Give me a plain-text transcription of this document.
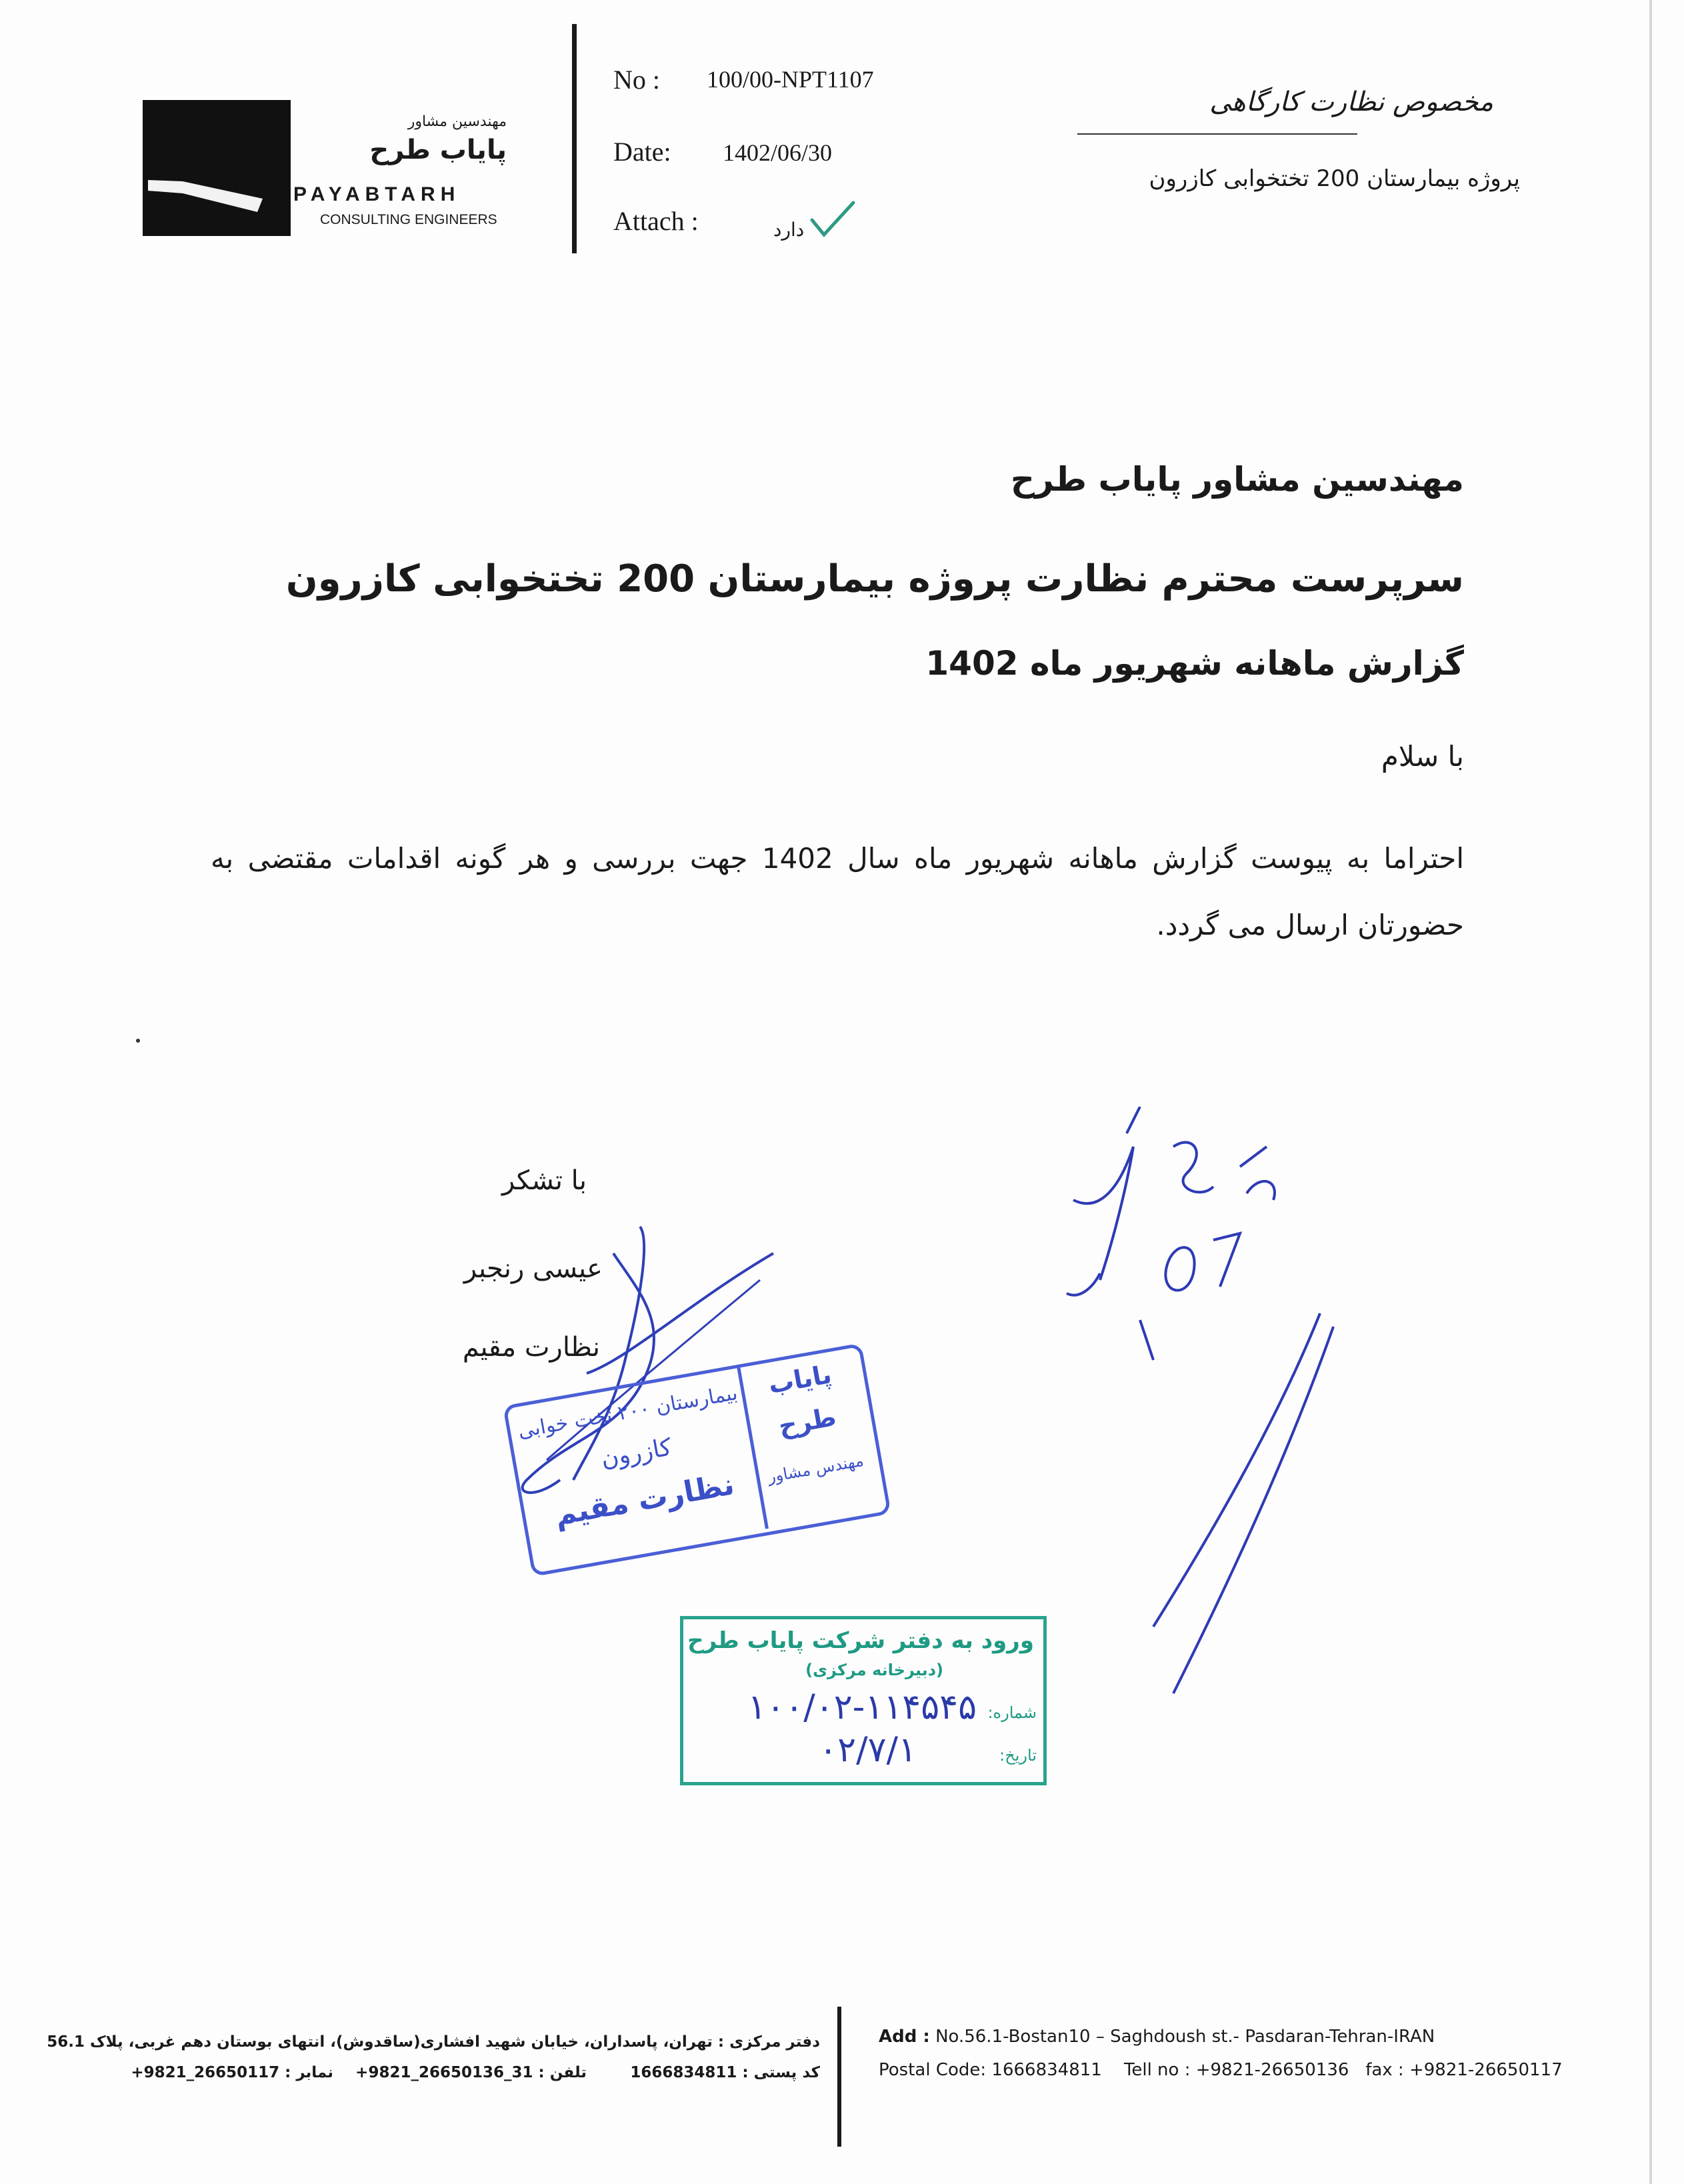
مهندسین مشاور
پایاب طرح
PAYABTARH
CONSULTING ENGINEERS
No :	100/00-NPT1107
Date:	1402/06/30
Attach :	دارد
مخصوص نظارت کارگاهی
پروژه بیمارستان 200 تختخوابی کازرون
مهندسین مشاور پایاب طرح
سرپرست محترم نظارت پروژه بیمارستان 200 تختخوابی کازرون
گزارش ماهانه شهریور ماه 1402
با سلام
احتراما به پیوست گزارش ماهانه شهریور ماه سال 1402 جهت بررسی و هر گونه اقدامات مقتضی به حضورتان ارسال می گردد.
با تشکر
عیسی رنجبر
نظارت مقیم
بیمارستان ۲۰۰ تخت خوابی
کازرون
نظارت مقیم
پایاب
طرح
مهندس مشاور
ورود به دفتر شرکت پایاب طرح
(دبیرخانه مرکزی)
شماره:
۱۰۰/۰۲-۱۱۴۵۴۵
تاریخ:
۰۲/۷/۱
دفتر مرکزی : تهران، پاسداران، خیابان شهید افشاری(ساقدوش)، انتهای بوستان دهم غربی، پلاک 56.1
کد پستی : 1666834811
تلفن : 31_26650136_9821+
نمابر : 26650117_9821+
Add : No.56.1-Bostan10 – Saghdoush st.- Pasdaran-Tehran-IRAN
Postal Code: 1666834811    Tell no : +9821-26650136   fax : +9821-26650117
